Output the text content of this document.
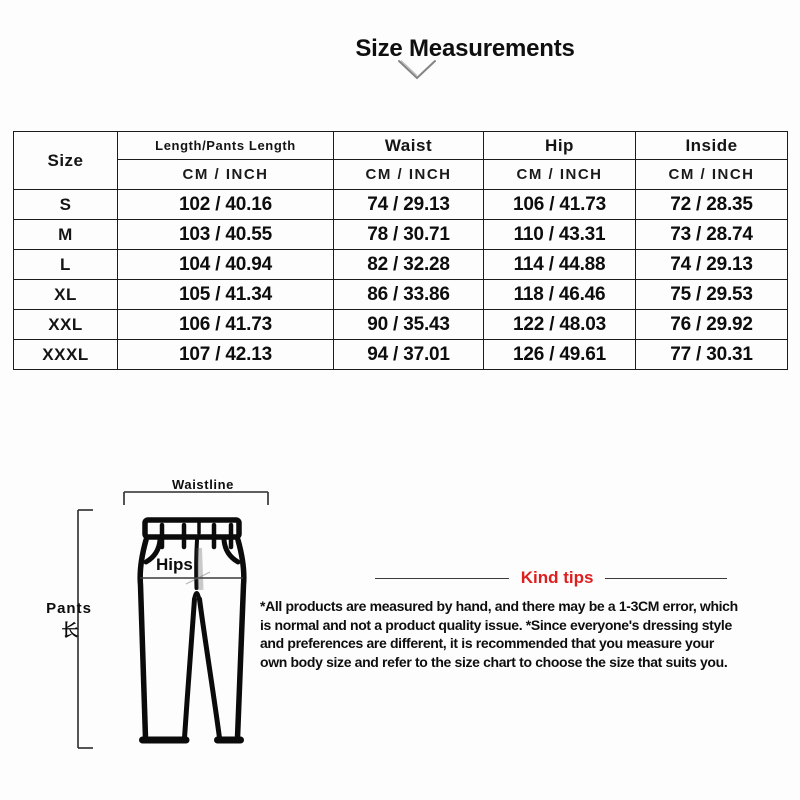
Size Measurements
Size	Length/Pants Length	Waist	Hip	Inside
	CM / INCH	CM / INCH	CM / INCH	CM / INCH
S	102 / 40.16	74 / 29.13	106 / 41.73	72 / 28.35
M	103 / 40.55	78 / 30.71	110 / 43.31	73 / 28.74
L	104 / 40.94	82 / 32.28	114 / 44.88	74 / 29.13
XL	105 / 41.34	86 / 33.86	118 / 46.46	75 / 29.53
XXL	106 / 41.73	90 / 35.43	122 / 48.03	76 / 29.92
XXXL	107 / 42.13	94 / 37.01	126 / 49.61	77 / 30.31
Waistline
Hips
Pants
长
Kind tips
*All products are measured by hand, and there may be a 1-3CM error, which
is normal and not a product quality issue. *Since everyone's dressing style
and preferences are different, it is recommended that you measure your
own body size and refer to the size chart to choose the size that suits you.
